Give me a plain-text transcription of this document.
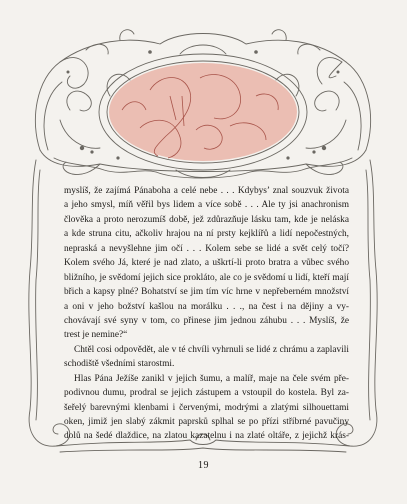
myslíš, že zajímá Pánaboha a celé nebe . . . Kdybys’ znal souzvuk života
a jeho smysl, míň věřil bys lidem a více sobě . . . Ale ty jsi anachronism
člověka a proto nerozumíš době, jež zdůrazňuje lásku tam, kde je neláska
a kde struna citu, ačkoliv hrajou na ní prsty kejklířů a lidí nepočestných,
nepraská a nevyšlehne jim očí . . . Kolem sebe se lidé a svět celý točí?
Kolem svého Já, které je nad zlato, a uškrtí-li proto bratra a vůbec svého
bližního, je svědomí jejich sice prokláto, ale co je svědomí u lidí, kteří mají
břich a kapsy plné? Bohatství se jim tím víc hrne v nepřeberném množství
a oni v jeho božství kašlou na morálku . . ., na čest i na dějiny a vy-
chovávají své syny v tom, co přinese jim jednou záhubu . . . Myslíš, že
trest je nemine?“
Chtěl cosi odpovědět, ale v té chvíli vyhrnuli se lidé z chrámu a zaplavili
schodiště všedními starostmi.
Hlas Pána Ježíše zanikl v jejich šumu, a malíř, maje na čele svém pře-
podivnou dumu, prodral se jejich zástupem a vstoupil do kostela. Byl za-
šeřelý barevnými klenbami i červenými, modrými a zlatými silhouettami
oken, jimiž jen slabý zákmit paprsků splhal se po přízi stříbrné pavučiny
dolů na šedé dlaždice, na zlatou kazatelnu i na zlaté oltáře, z jejichž krás-
19
